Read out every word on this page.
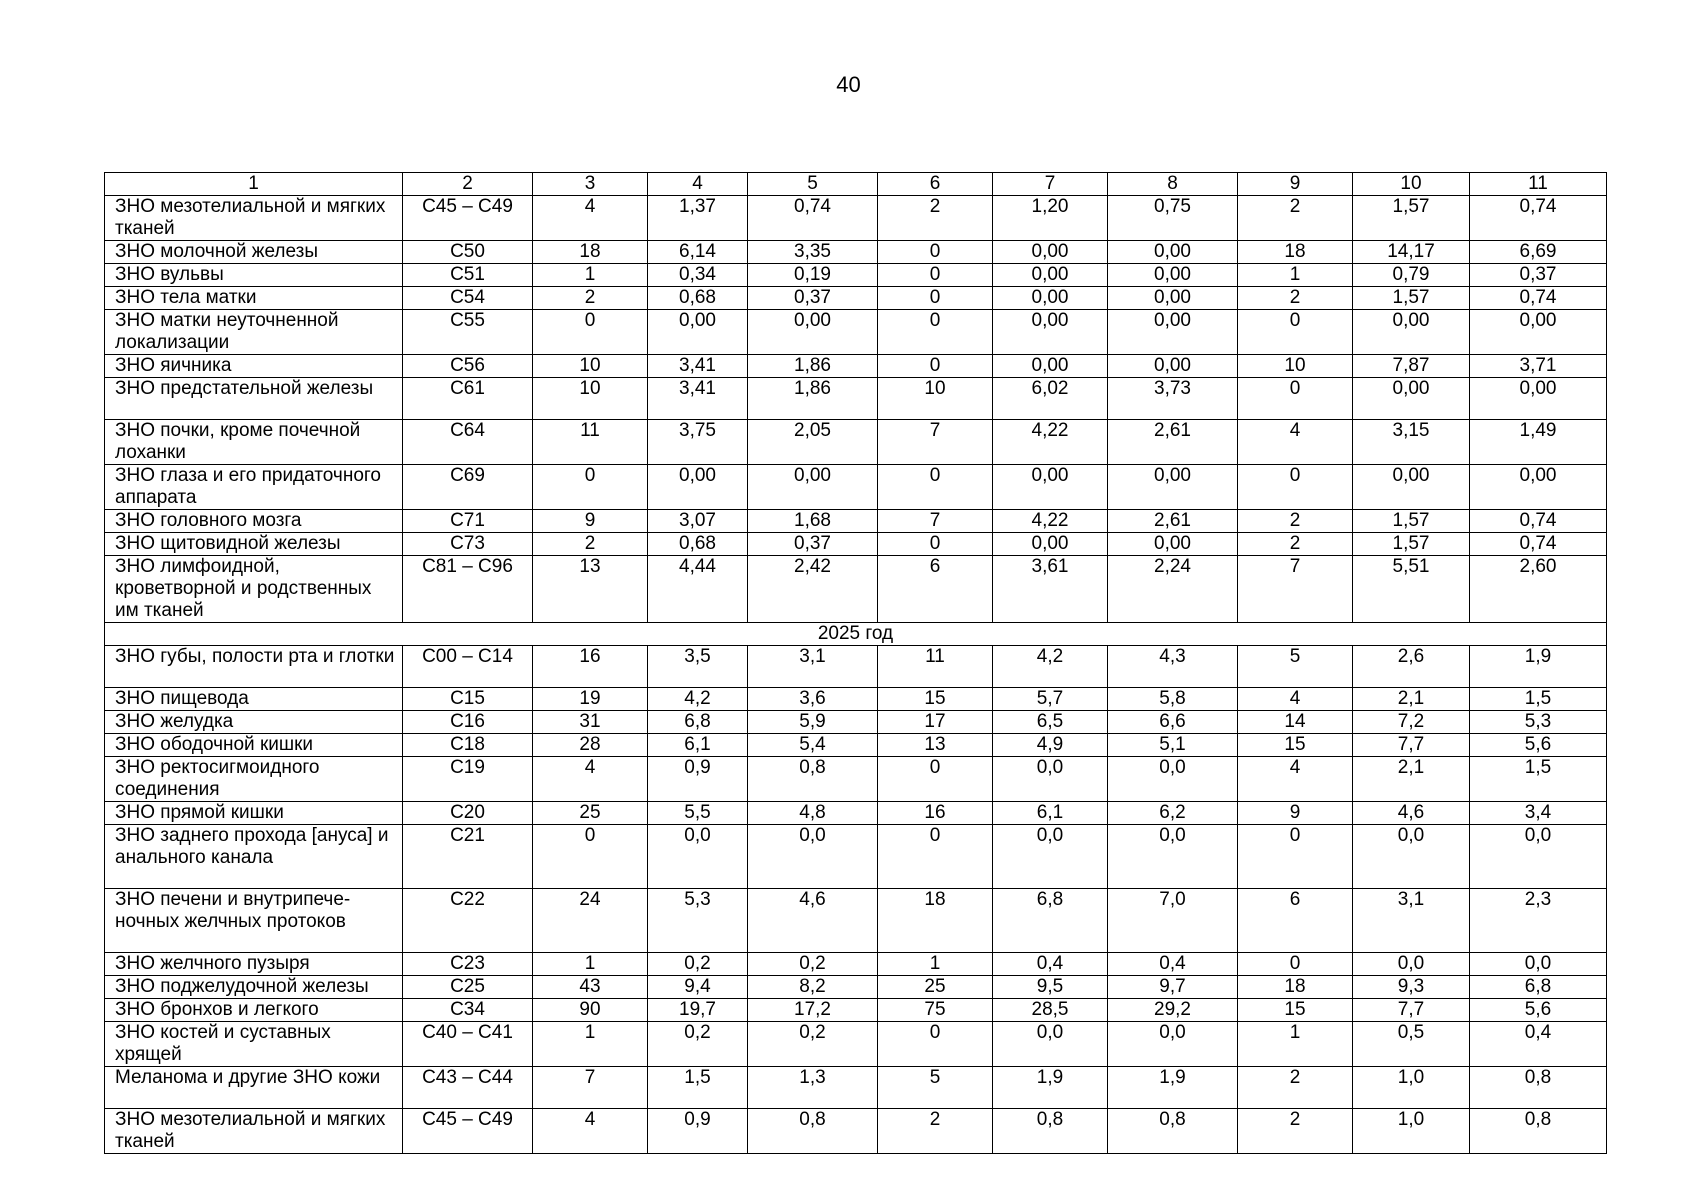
40
1	2	3	4	5	6	7	8	9	10	11
ЗНО мезотелиальной и мягких тканей	С45 – С49	4	1,37	0,74	2	1,20	0,75	2	1,57	0,74
ЗНО молочной железы	С50	18	6,14	3,35	0	0,00	0,00	18	14,17	6,69
ЗНО вульвы	С51	1	0,34	0,19	0	0,00	0,00	1	0,79	0,37
ЗНО тела матки	С54	2	0,68	0,37	0	0,00	0,00	2	1,57	0,74
ЗНО матки неуточненной локализации	С55	0	0,00	0,00	0	0,00	0,00	0	0,00	0,00
ЗНО яичника	С56	10	3,41	1,86	0	0,00	0,00	10	7,87	3,71
ЗНО предстательной железы	С61	10	3,41	1,86	10	6,02	3,73	0	0,00	0,00
ЗНО почки, кроме почечной лоханки	С64	11	3,75	2,05	7	4,22	2,61	4	3,15	1,49
ЗНО глаза и его придаточного аппарата	С69	0	0,00	0,00	0	0,00	0,00	0	0,00	0,00
ЗНО головного мозга	С71	9	3,07	1,68	7	4,22	2,61	2	1,57	0,74
ЗНО щитовидной железы	С73	2	0,68	0,37	0	0,00	0,00	2	1,57	0,74
ЗНО лимфоидной, кроветворной и родственных им тканей	С81 – С96	13	4,44	2,42	6	3,61	2,24	7	5,51	2,60
2025 год										
ЗНО губы, полости рта и глотки	С00 – С14	16	3,5	3,1	11	4,2	4,3	5	2,6	1,9
ЗНО пищевода	С15	19	4,2	3,6	15	5,7	5,8	4	2,1	1,5
ЗНО желудка	С16	31	6,8	5,9	17	6,5	6,6	14	7,2	5,3
ЗНО ободочной кишки	С18	28	6,1	5,4	13	4,9	5,1	15	7,7	5,6
ЗНО ректосигмоидного соединения	С19	4	0,9	0,8	0	0,0	0,0	4	2,1	1,5
ЗНО прямой кишки	С20	25	5,5	4,8	16	6,1	6,2	9	4,6	3,4
ЗНО заднего прохода [ануса] и анального канала	С21	0	0,0	0,0	0	0,0	0,0	0	0,0	0,0
ЗНО печени и внутрипече-ночных желчных протоков	С22	24	5,3	4,6	18	6,8	7,0	6	3,1	2,3
ЗНО желчного пузыря	С23	1	0,2	0,2	1	0,4	0,4	0	0,0	0,0
ЗНО поджелудочной железы	С25	43	9,4	8,2	25	9,5	9,7	18	9,3	6,8
ЗНО бронхов и легкого	С34	90	19,7	17,2	75	28,5	29,2	15	7,7	5,6
ЗНО костей и суставных хрящей	С40 – С41	1	0,2	0,2	0	0,0	0,0	1	0,5	0,4
Меланома и другие ЗНО кожи	С43 – С44	7	1,5	1,3	5	1,9	1,9	2	1,0	0,8
ЗНО мезотелиальной и мягких тканей	С45 – С49	4	0,9	0,8	2	0,8	0,8	2	1,0	0,8
